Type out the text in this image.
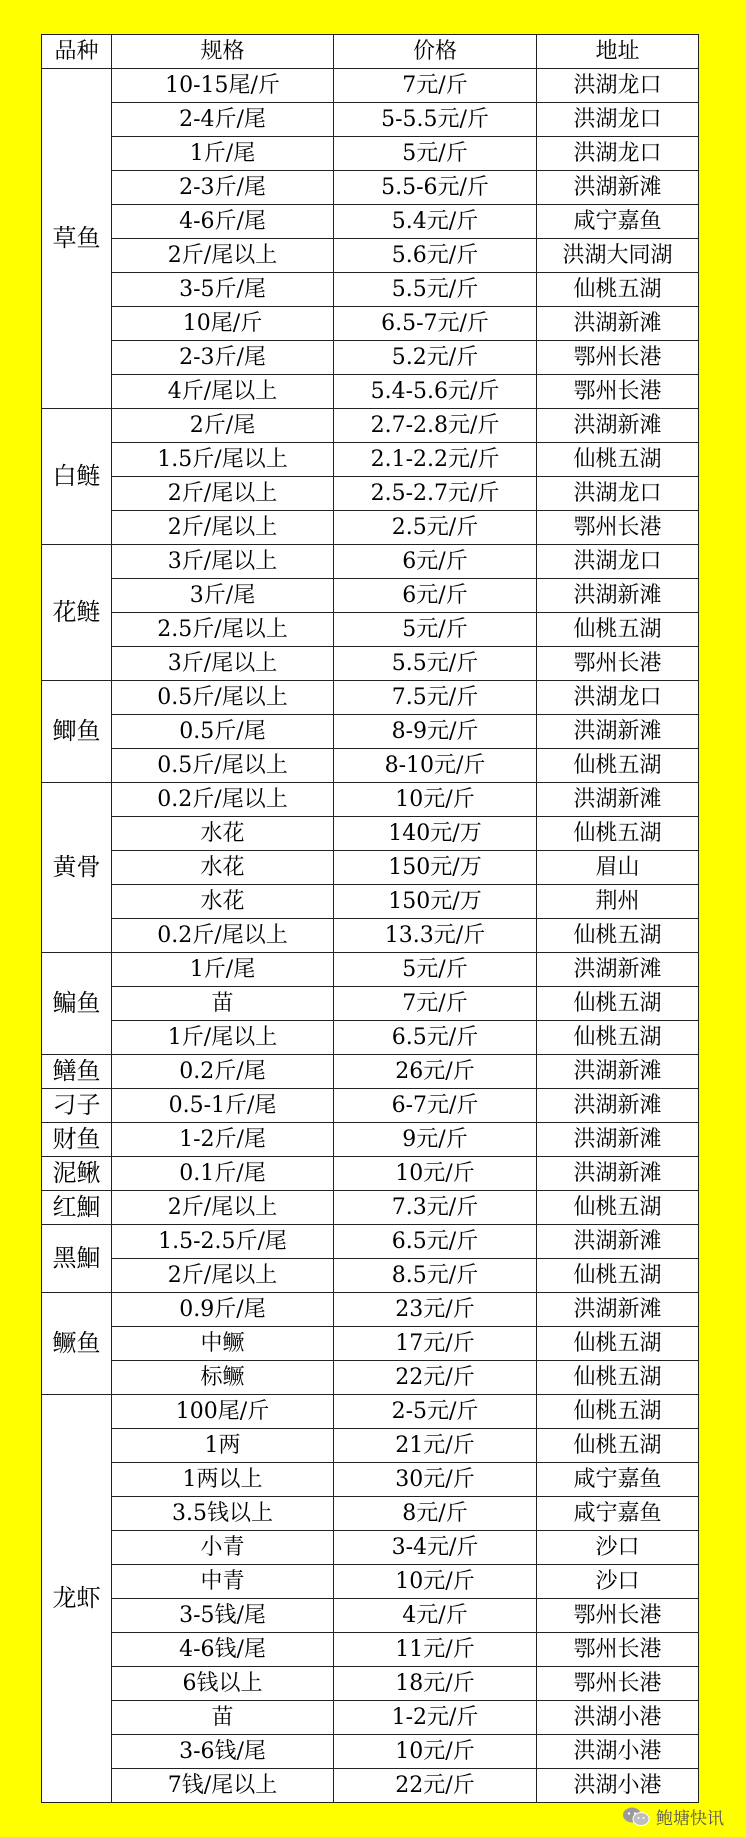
品种	规格	价格	地址
草鱼	10-15尾/斤	7元/斤	洪湖龙口
	2-4斤/尾	5-5.5元/斤	洪湖龙口
	1斤/尾	5元/斤	洪湖龙口
	2-3斤/尾	5.5-6元/斤	洪湖新滩
	4-6斤/尾	5.4元/斤	咸宁嘉鱼
	2斤/尾以上	5.6元/斤	洪湖大同湖
	3-5斤/尾	5.5元/斤	仙桃五湖
	10尾/斤	6.5-7元/斤	洪湖新滩
	2-3斤/尾	5.2元/斤	鄂州长港
	4斤/尾以上	5.4-5.6元/斤	鄂州长港
白鲢	2斤/尾	2.7-2.8元/斤	洪湖新滩
	1.5斤/尾以上	2.1-2.2元/斤	仙桃五湖
	2斤/尾以上	2.5-2.7元/斤	洪湖龙口
	2斤/尾以上	2.5元/斤	鄂州长港
花鲢	3斤/尾以上	6元/斤	洪湖龙口
	3斤/尾	6元/斤	洪湖新滩
	2.5斤/尾以上	5元/斤	仙桃五湖
	3斤/尾以上	5.5元/斤	鄂州长港
鲫鱼	0.5斤/尾以上	7.5元/斤	洪湖龙口
	0.5斤/尾	8-9元/斤	洪湖新滩
	0.5斤/尾以上	8-10元/斤	仙桃五湖
黄骨	0.2斤/尾以上	10元/斤	洪湖新滩
	水花	140元/万	仙桃五湖
	水花	150元/万	眉山
	水花	150元/万	荆州
	0.2斤/尾以上	13.3元/斤	仙桃五湖
鳊鱼	1斤/尾	5元/斤	洪湖新滩
	苗	7元/斤	仙桃五湖
	1斤/尾以上	6.5元/斤	仙桃五湖
鳝鱼	0.2斤/尾	26元/斤	洪湖新滩
刁子	0.5-1斤/尾	6-7元/斤	洪湖新滩
财鱼	1-2斤/尾	9元/斤	洪湖新滩
泥鳅	0.1斤/尾	10元/斤	洪湖新滩
红鮰	2斤/尾以上	7.3元/斤	仙桃五湖
黑鮰	1.5-2.5斤/尾	6.5元/斤	洪湖新滩
	2斤/尾以上	8.5元/斤	仙桃五湖
鳜鱼	0.9斤/尾	23元/斤	洪湖新滩
	中鳜	17元/斤	仙桃五湖
	标鳜	22元/斤	仙桃五湖
龙虾	100尾/斤	2-5元/斤	仙桃五湖
	1两	21元/斤	仙桃五湖
	1两以上	30元/斤	咸宁嘉鱼
	3.5钱以上	8元/斤	咸宁嘉鱼
	小青	3-4元/斤	沙口
	中青	10元/斤	沙口
	3-5钱/尾	4元/斤	鄂州长港
	4-6钱/尾	11元/斤	鄂州长港
	6钱以上	18元/斤	鄂州长港
	苗	1-2元/斤	洪湖小港
	3-6钱/尾	10元/斤	洪湖小港
	7钱/尾以上	22元/斤	洪湖小港
鲍塘快讯
